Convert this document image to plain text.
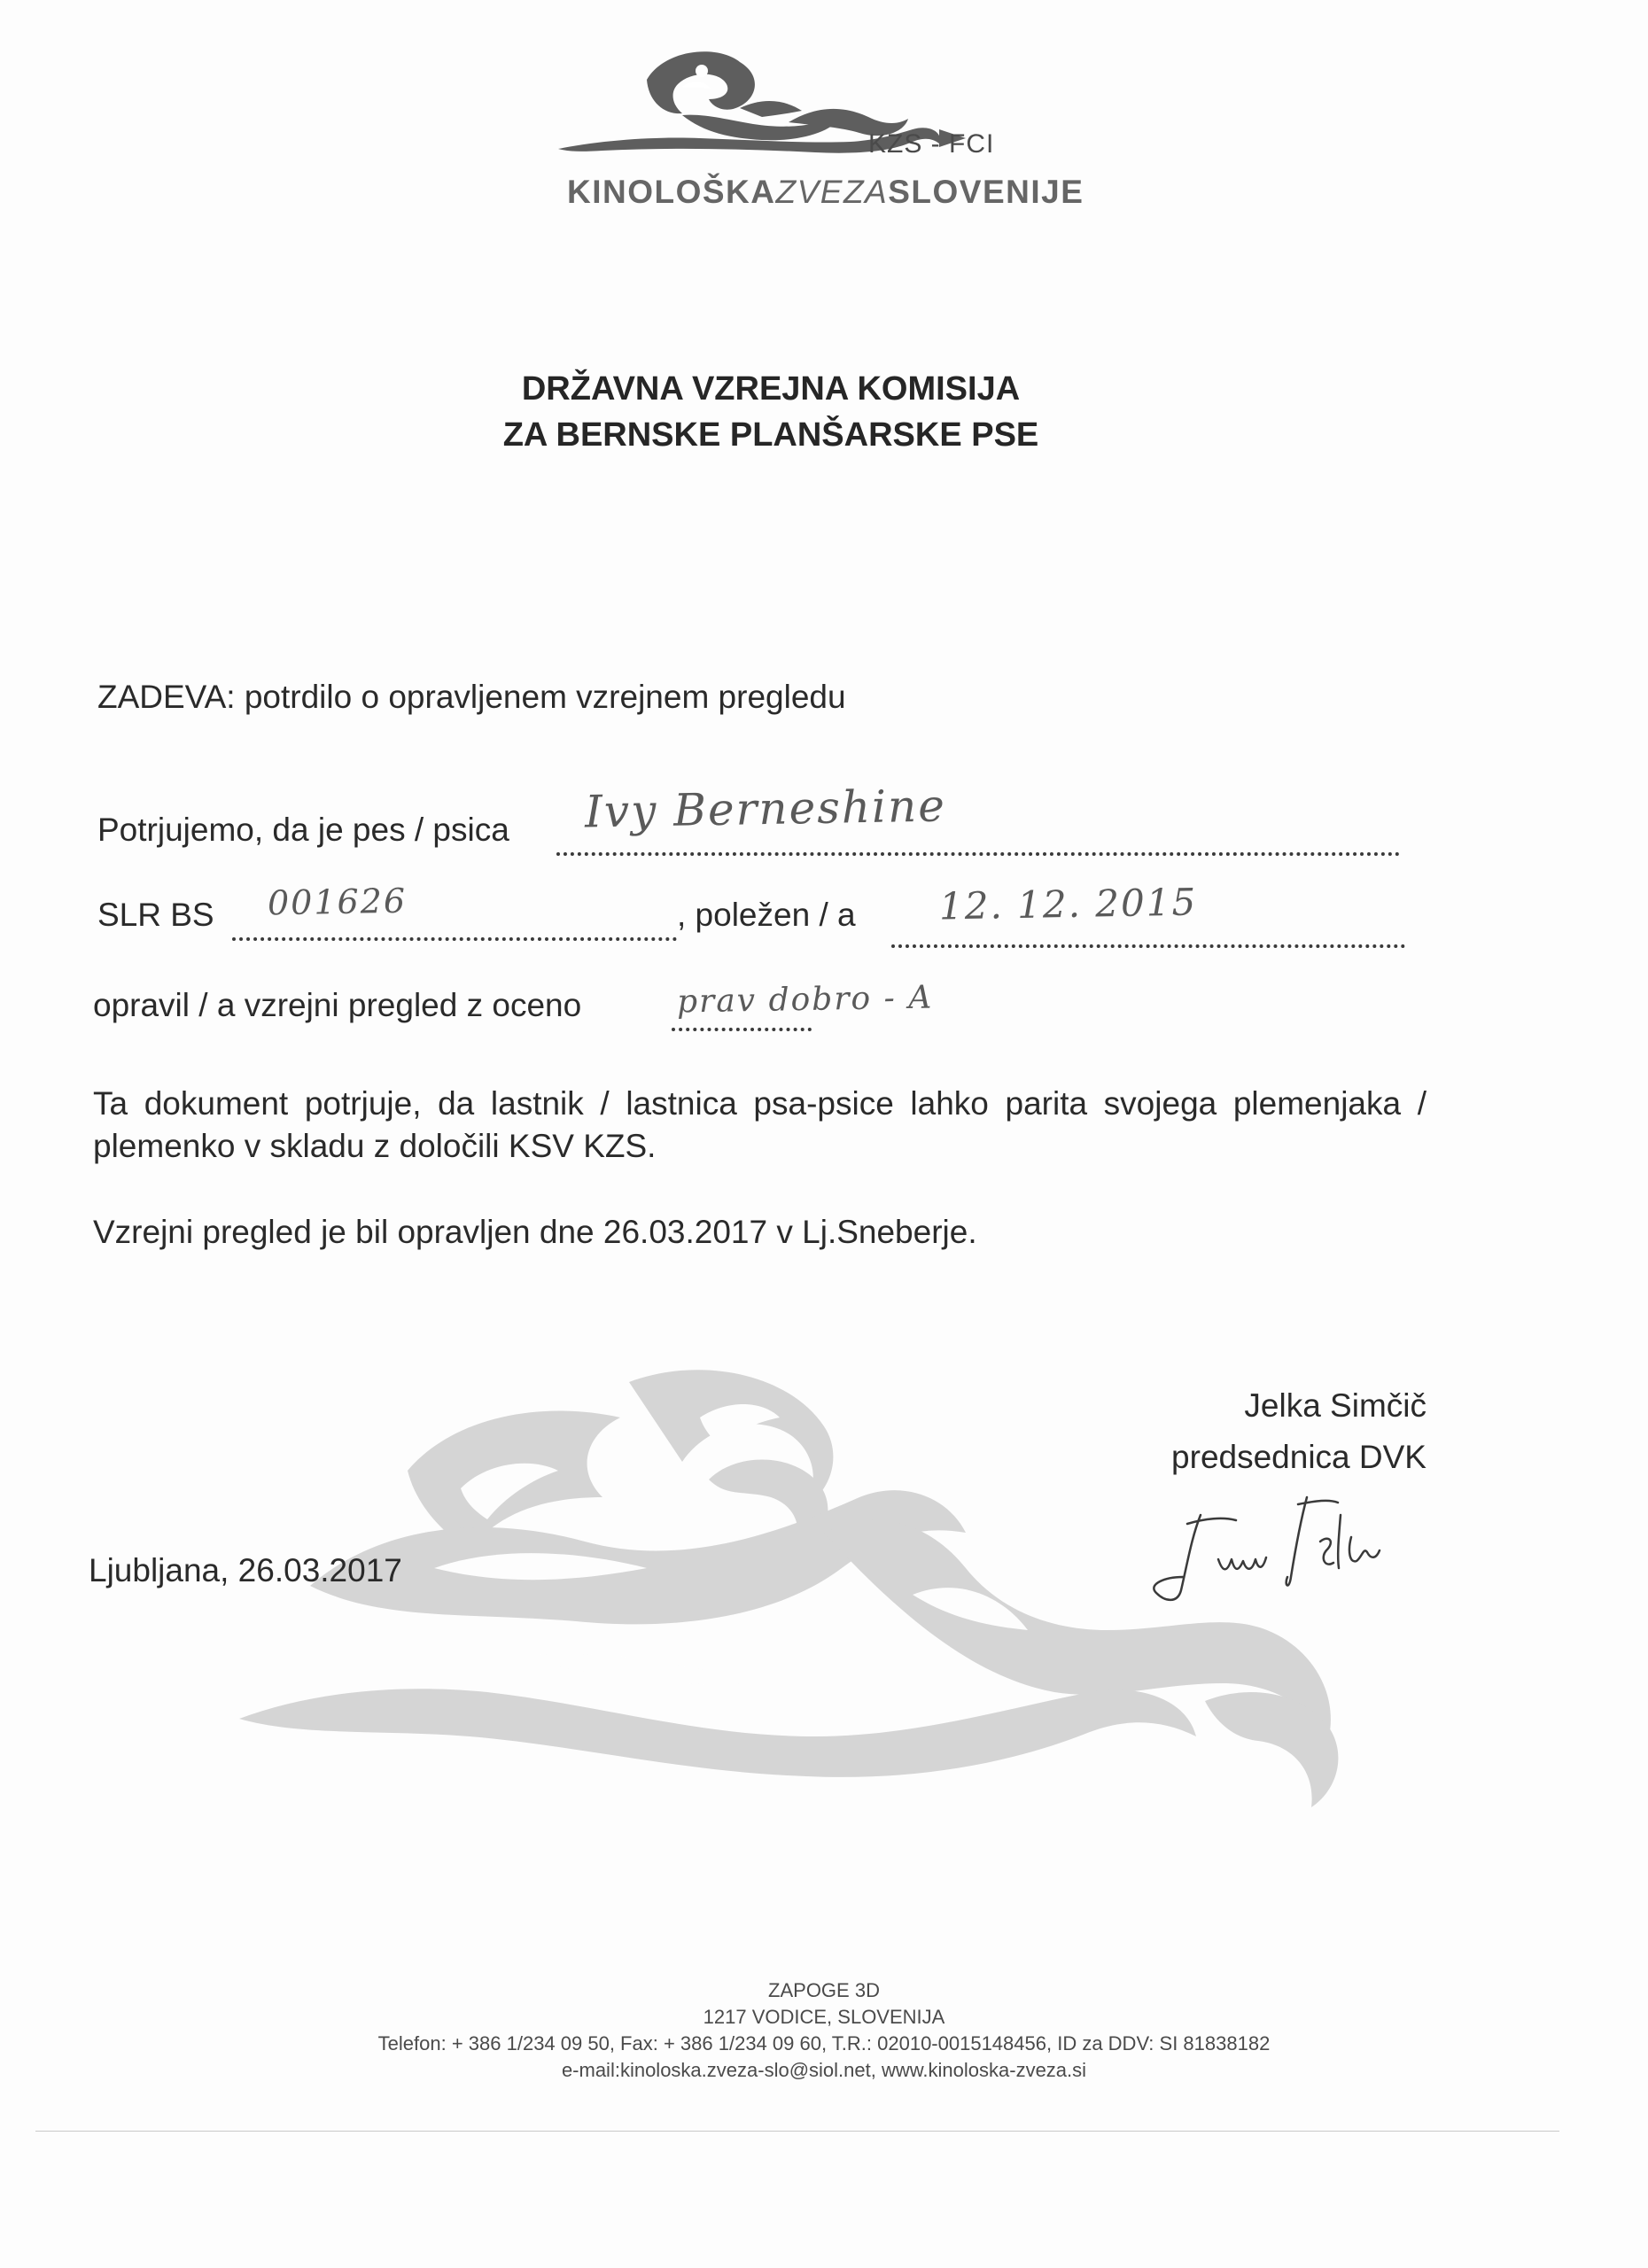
KZS - FCI
KINOLOŠKAZVEZASLOVENIJE
DRŽAVNA VZREJNA KOMISIJA
ZA BERNSKE PLANŠARSKE PSE
ZADEVA: potrdilo o opravljenem vzrejnem pregledu
Potrjujemo, da je pes / psica Ivy Berneshine
SLR BS 001626	, poležen / a 12. 12. 2015
opravil / a vzrejni pregled z oceno	prav dobro - A
Ta dokument potrjuje, da lastnik / lastnica psa-psice lahko parita svojega plemenjaka / plemenko v skladu z določili KSV KZS.
Vzrejni pregled je bil opravljen dne 26.03.2017 v Lj.Sneberje.
Jelka Simčič
predsednica DVK
Ljubljana, 26.03.2017
ZAPOGE 3D
1217 VODICE, SLOVENIJA
Telefon: + 386 1/234 09 50, Fax: + 386 1/234 09 60, T.R.: 02010-0015148456, ID za DDV: SI 81838182
e-mail:kinoloska.zveza-slo@siol.net, www.kinoloska-zveza.si
